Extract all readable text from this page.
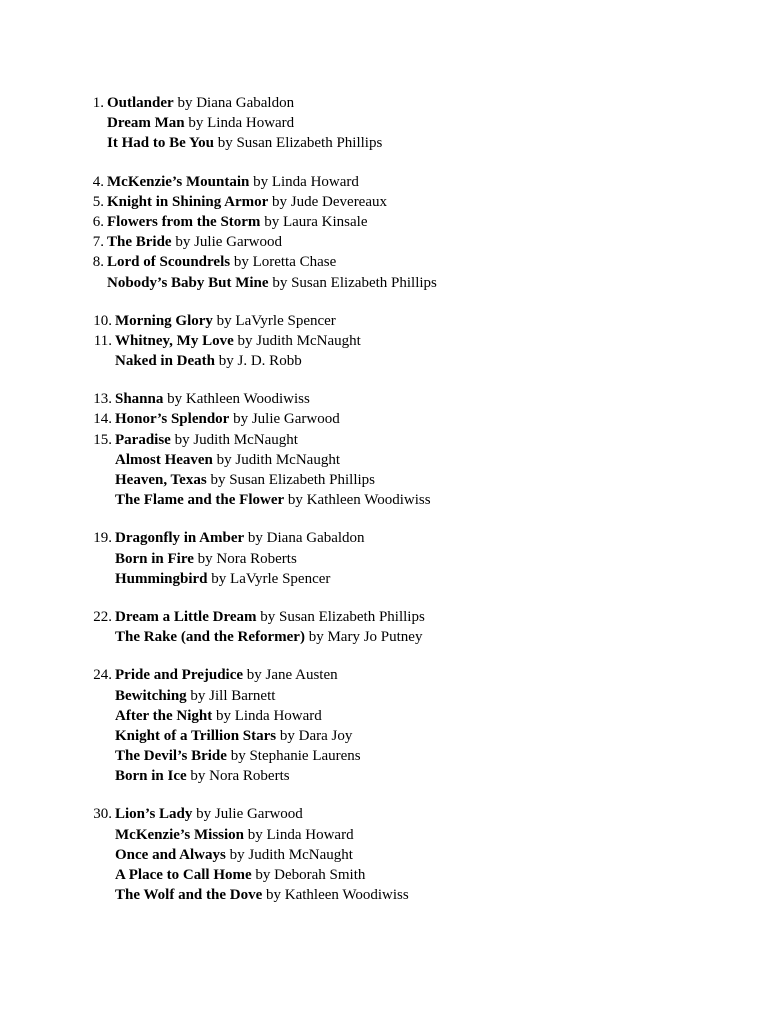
1. Outlander by Diana Gabaldon
Dream Man by Linda Howard
It Had to Be You by Susan Elizabeth Phillips
4. McKenzie’s Mountain by Linda Howard
5. Knight in Shining Armor by Jude Devereaux
6. Flowers from the Storm by Laura Kinsale
7. The Bride by Julie Garwood
8. Lord of Scoundrels by Loretta Chase
Nobody’s Baby But Mine by Susan Elizabeth Phillips
10. Morning Glory by LaVyrle Spencer
11. Whitney, My Love by Judith McNaught
Naked in Death by J. D. Robb
13. Shanna by Kathleen Woodiwiss
14. Honor’s Splendor by Julie Garwood
15. Paradise by Judith McNaught
Almost Heaven by Judith McNaught
Heaven, Texas by Susan Elizabeth Phillips
The Flame and the Flower by Kathleen Woodiwiss
19. Dragonfly in Amber by Diana Gabaldon
Born in Fire by Nora Roberts
Hummingbird by LaVyrle Spencer
22. Dream a Little Dream by Susan Elizabeth Phillips
The Rake (and the Reformer) by Mary Jo Putney
24. Pride and Prejudice by Jane Austen
Bewitching by Jill Barnett
After the Night by Linda Howard
Knight of a Trillion Stars by Dara Joy
The Devil’s Bride by Stephanie Laurens
Born in Ice by Nora Roberts
30. Lion’s Lady by Julie Garwood
McKenzie’s Mission by Linda Howard
Once and Always by Judith McNaught
A Place to Call Home by Deborah Smith
The Wolf and the Dove by Kathleen Woodiwiss
